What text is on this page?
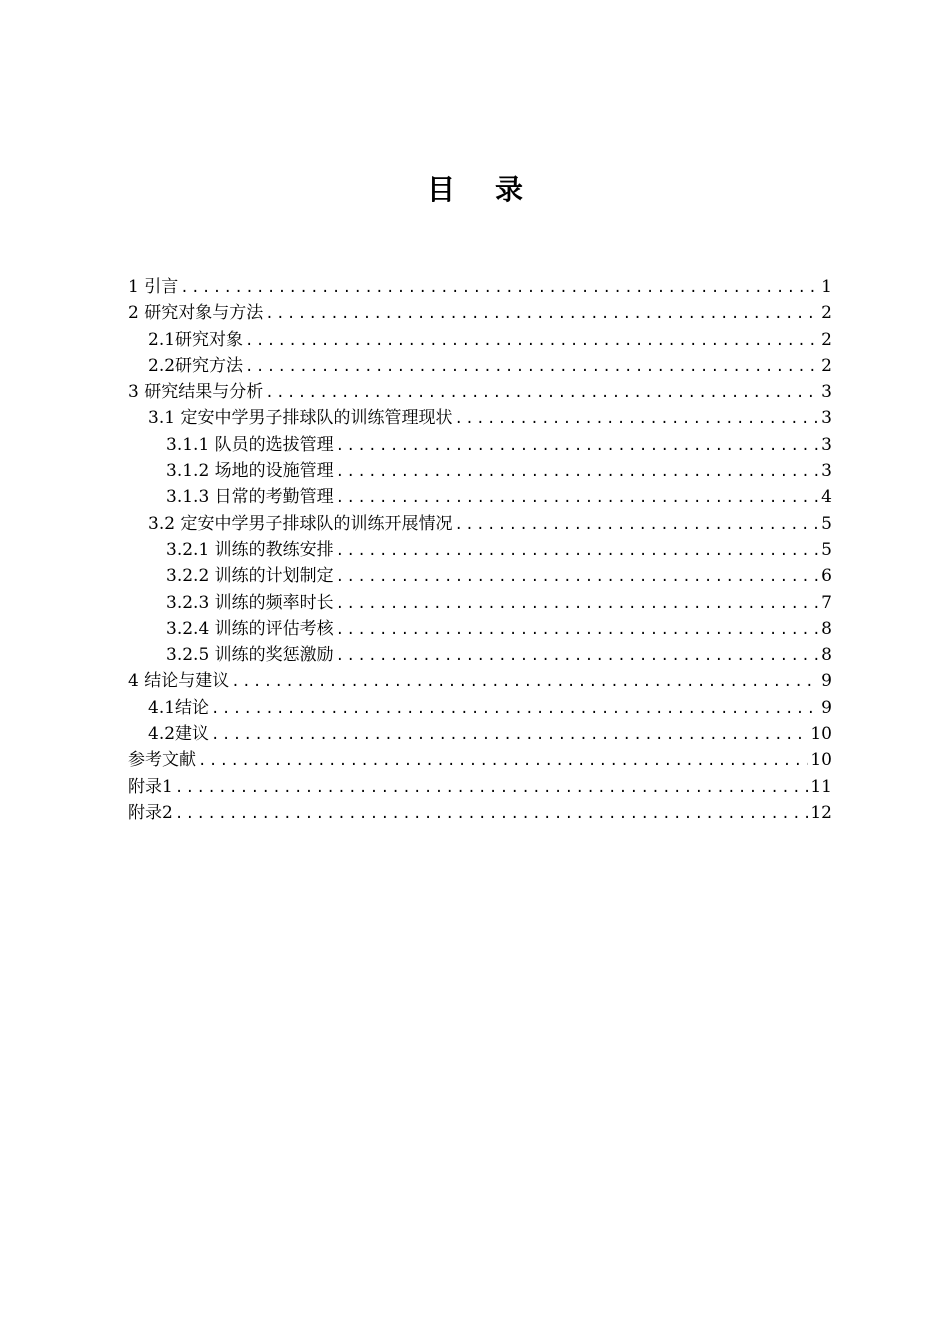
目录
1 引言 .....	1
2 研究对象与方法 .....	2
2.1研究对象 .....	2
2.2研究方法 .....	2
3 研究结果与分析 .....	3
3.1 定安中学男子排球队的训练管理现状 .....	3
3.1.1 队员的选拔管理 .....	3
3.1.2 场地的设施管理 .....	3
3.1.3 日常的考勤管理 .....	4
3.2 定安中学男子排球队的训练开展情况 .....	5
3.2.1 训练的教练安排 .....	5
3.2.2 训练的计划制定 .....	6
3.2.3 训练的频率时长 .....	7
3.2.4 训练的评估考核 .....	8
3.2.5 训练的奖惩激励 .....	8
4 结论与建议 .....	9
4.1结论 .....	9
4.2建议 .....	10
参考文献 .....	10
附录1 .....	11
附录2 .....	12
